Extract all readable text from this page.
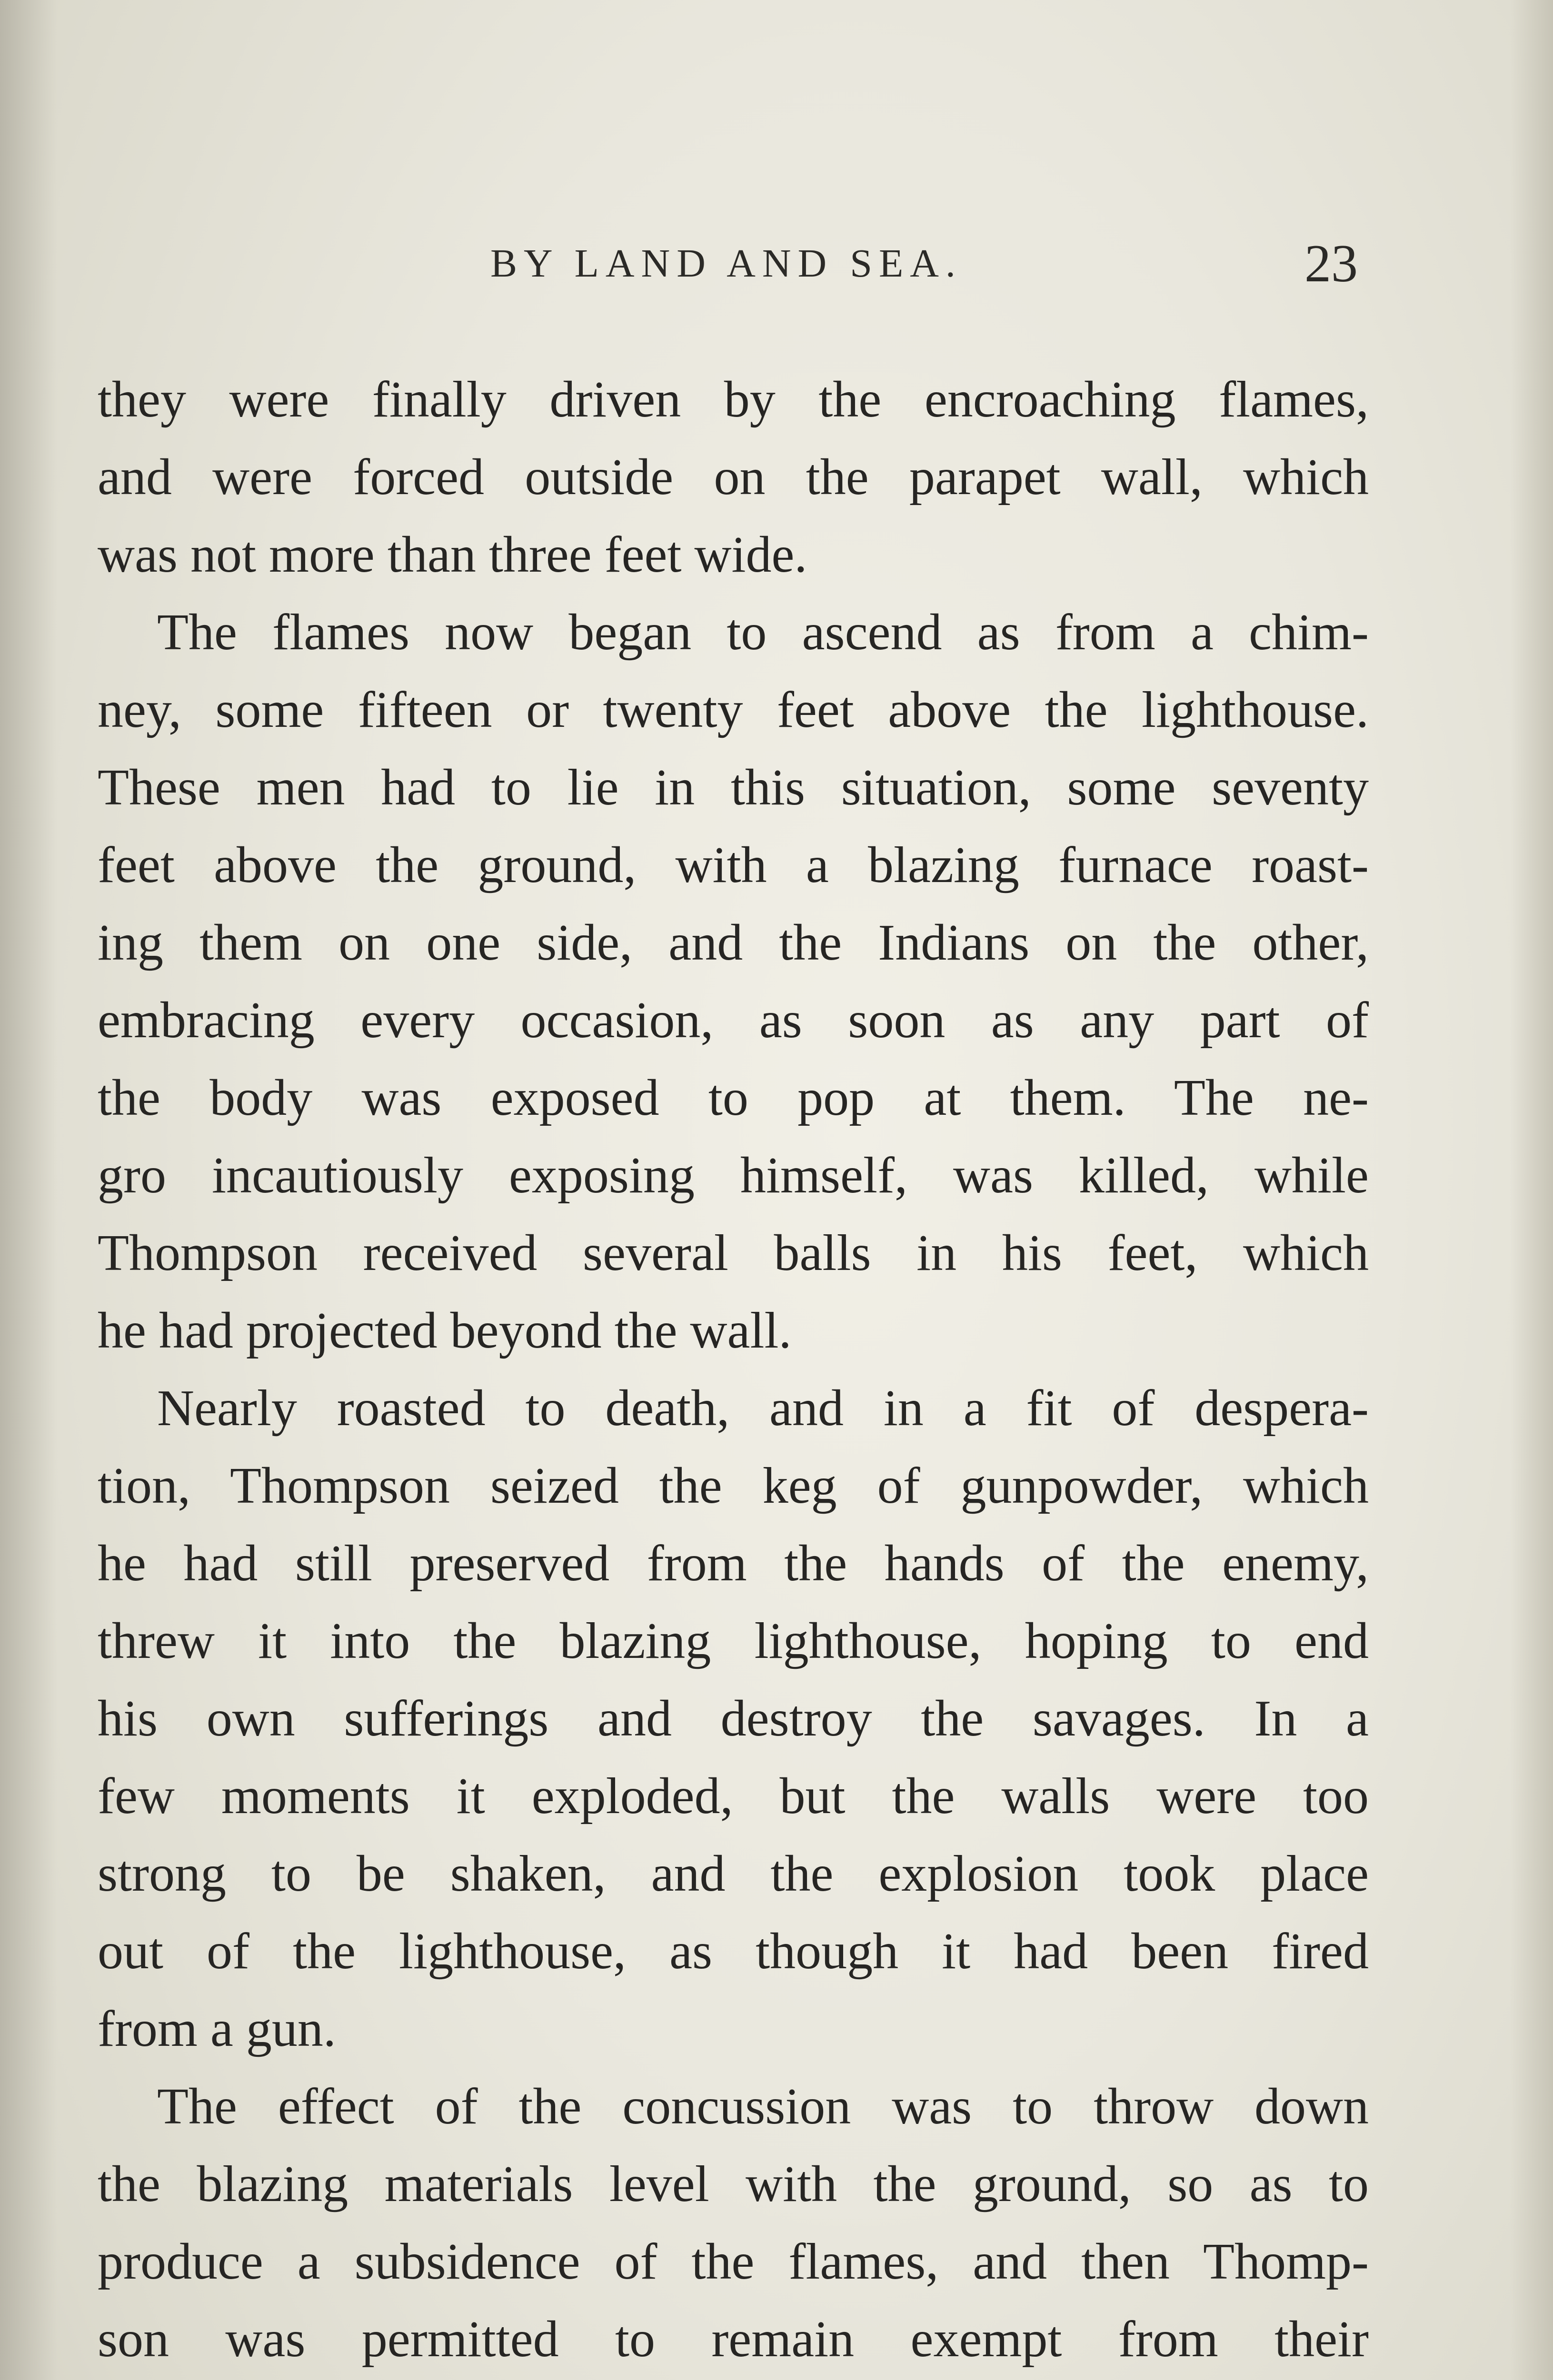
BY LAND AND SEA.	23
they were finally driven by the encroaching flames,
and were forced outside on the parapet wall, which
was not more than three feet wide.
The flames now began to ascend as from a chim-
ney, some fifteen or twenty feet above the lighthouse.
These men had to lie in this situation, some seventy
feet above the ground, with a blazing furnace roast-
ing them on one side, and the Indians on the other,
embracing every occasion, as soon as any part of
the body was exposed to pop at them. The ne-
gro incautiously exposing himself, was killed, while
Thompson received several balls in his feet, which
he had projected beyond the wall.
Nearly roasted to death, and in a fit of despera-
tion, Thompson seized the keg of gunpowder, which
he had still preserved from the hands of the enemy,
threw it into the blazing lighthouse, hoping to end
his own sufferings and destroy the savages. In a
few moments it exploded, but the walls were too
strong to be shaken, and the explosion took place
out of the lighthouse, as though it had been fired
from a gun.
The effect of the concussion was to throw down
the blazing materials level with the ground, so as to
produce a subsidence of the flames, and then Thomp-
son was permitted to remain exempt from their
